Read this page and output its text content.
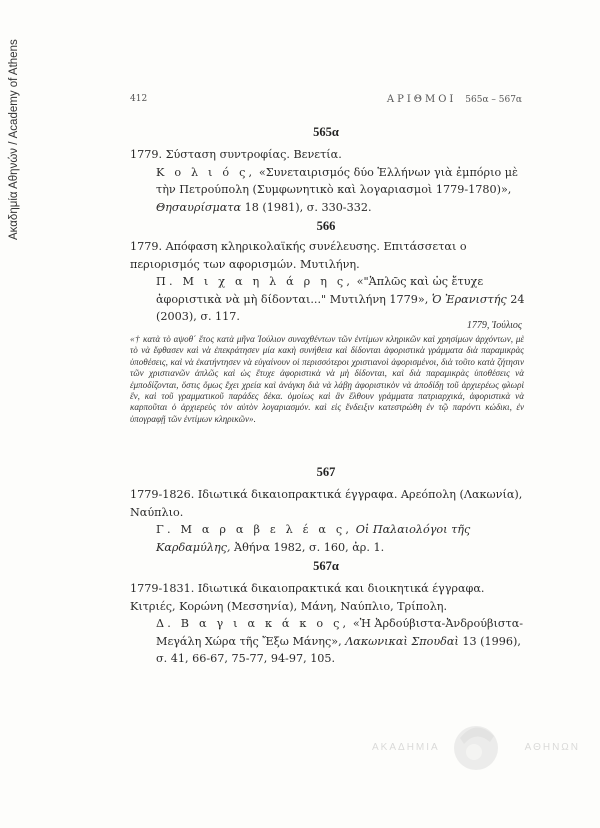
Ακαδημία Αθηνών / Academy of Athens	412	ΑΡΙΘΜΟΙ 565α – 567α
565α

1779. Σύσταση συντροφίας. Βενετία.

Κ ο λ ι ό ς, «Συνεταιρισμός δύο Ἑλλήνων γιὰ ἐμπόριο μὲ τὴν Πετρούπολη (Συμφωνητικὸ καὶ λογαριασμοὶ 1779-1780)», Θησαυρίσματα 18 (1981), σ. 330-332.

566

1779. Απόφαση κληρικολαϊκής συνέλευσης. Επιτάσσεται ο περιορισμός των αφορισμών. Μυτιλήνη.

Π. Μ ι χ α η λ ά ρ η ς, «"Ἁπλῶς καὶ ὡς ἔτυχε ἀφοριστικὰ νὰ μὴ δίδονται..." Μυτιλήνη 1779», Ὁ Ἐρανιστής 24 (2003), σ. 117.

1779, Ἰούλιος
«† κατὰ τὸ αψοθ΄ ἔτος κατὰ μῆνα Ἰούλιον συναχθέντων τῶν ἐντίμων κληρικῶν καὶ χρησίμων ἀρχόντων, μὲ τὸ νὰ ἔφθασεν καὶ νὰ ἐπεκράτησεν μία κακὴ συνήθεια καὶ δίδονται ἀφοριστικὰ γράμματα διὰ παραμικρὰς ὑποθέσεις, καὶ νὰ ἐκατήντησεν νὰ εὐγαίνουν οἱ περισσότεροι χριστιανοὶ ἀφορισμένοι, διὰ τοῦτο κατὰ ζήτησιν τῶν χριστιανῶν ἁπλῶς καὶ ὡς ἔτυχε ἀφοριστικὰ νὰ μὴ δίδονται, καὶ διὰ παραμικρὰς ὑποθέσεις νὰ ἐμποδίζονται, ὅστις ὅμως ἔχει χρεία καὶ ἀνάγκη διὰ νὰ λάβῃ ἀφοριστικὸν νὰ ἀποδίδῃ τοῦ ἀρχιερέως φλωρὶ ἕν, καὶ τοῦ γραμματικοῦ παράδες δέκα. ὁμοίως καὶ ἂν ἔλθουν γράμματα πατριαρχικά, ἀφοριστικὰ νὰ καρποῦται ὁ ἀρχιερεὺς τὸν αὐτὸν λογαριασμόν. καὶ εἰς ἔνδειξιν κατεστρώθη ἐν τῷ παρόντι κώδικι, ἐν ὑπογραφῇ τῶν ἐντίμων κληρικῶν».
567

1779-1826. Ιδιωτικά δικαιοπρακτικά έγγραφα. Αρεόπολη (Λακωνία), Ναύπλιο.

Γ. Μ α ρ α β ε λ έ α ς, Οἱ Παλαιολόγοι τῆς Καρδαμύλης, Ἀθήνα 1982, σ. 160, ἀρ. 1.

567α

1779-1831. Ιδιωτικά δικαιοπρακτικά και διοικητικά έγγραφα. Κιτριές, Κορώνη (Μεσσηνία), Μάνη, Ναύπλιο, Τρίπολη.

Δ. Β α γ ι α κ ά κ ο ς, «Ἡ Ἀρδούβιστα-Ἀνδρούβιστα-Μεγάλη Χώρα τῆς Ἔξω Μάνης», Λακωνικαὶ Σπουδαὶ 13 (1996), σ. 41, 66-67, 75-77, 94-97, 105.

ΑΚΑΔΗΜΙΑ	ΑΘΗΝΩΝ
